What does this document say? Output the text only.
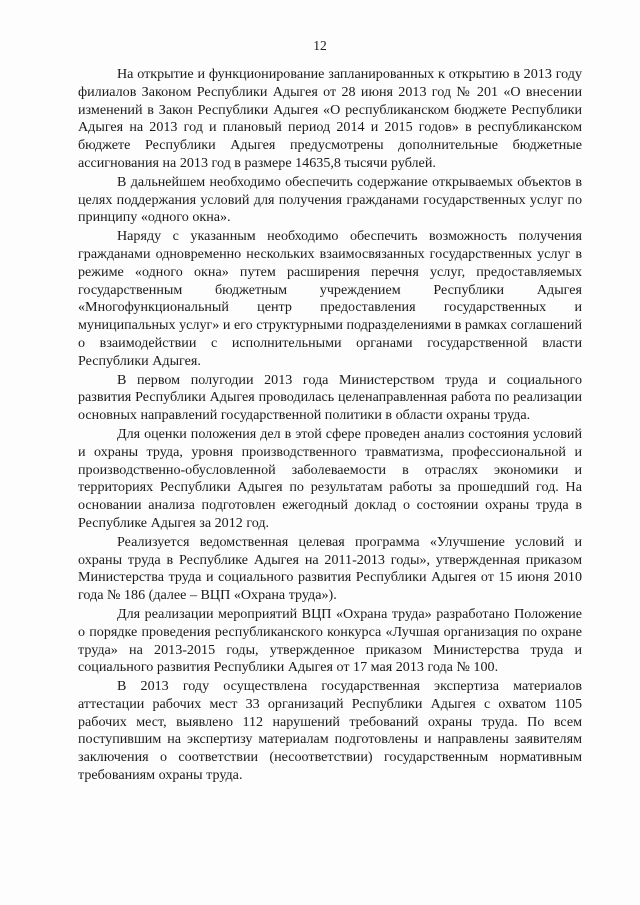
12

На открытие и функционирование запланированных к открытию в 2013 году филиалов Законом Республики Адыгея от 28 июня 2013 год № 201 «О внесении изменений в Закон Республики Адыгея «О республиканском бюджете Республики Адыгея на 2013 год и плановый период 2014 и 2015 годов» в республиканском бюджете Республики Адыгея предусмотрены дополнительные бюджетные ассигнования на 2013 год в размере 14635,8 тысячи рублей.

В дальнейшем необходимо обеспечить содержание открываемых объектов в целях поддержания условий для получения гражданами государственных услуг по принципу «одного окна».

Наряду с указанным необходимо обеспечить возможность получения гражданами одновременно нескольких взаимосвязанных государственных услуг в режиме «одного окна» путем расширения перечня услуг, предоставляемых государственным бюджетным учреждением Республики Адыгея «Многофункциональный центр предоставления государственных и муниципальных услуг» и его структурными подразделениями в рамках соглашений о взаимодействии с исполнительными органами государственной власти Республики Адыгея.

В первом полугодии 2013 года Министерством труда и социального развития Республики Адыгея проводилась целенаправленная работа по реализации основных направлений государственной политики в области охраны труда.

Для оценки положения дел в этой сфере проведен анализ состояния условий и охраны труда, уровня производственного травматизма, профессиональной и производственно-обусловленной заболеваемости в отраслях экономики и территориях Республики Адыгея по результатам работы за прошедший год. На основании анализа подготовлен ежегодный доклад о состоянии охраны труда в Республике Адыгея за 2012 год.

Реализуется ведомственная целевая программа «Улучшение условий и охраны труда в Республике Адыгея на 2011-2013 годы», утвержденная приказом Министерства труда и социального развития Республики Адыгея от 15 июня 2010 года № 186 (далее – ВЦП «Охрана труда»).

Для реализации мероприятий ВЦП «Охрана труда» разработано Положение о порядке проведения республиканского конкурса «Лучшая организация по охране труда» на 2013-2015 годы, утвержденное приказом Министерства труда и социального развития Республики Адыгея от 17 мая 2013 года № 100.

В 2013 году осуществлена государственная экспертиза материалов аттестации рабочих мест 33 организаций Республики Адыгея с охватом 1105 рабочих мест, выявлено 112 нарушений требований охраны труда. По всем поступившим на экспертизу материалам подготовлены и направлены заявителям заключения о соответствии (несоответствии) государственным нормативным требованиям охраны труда.
